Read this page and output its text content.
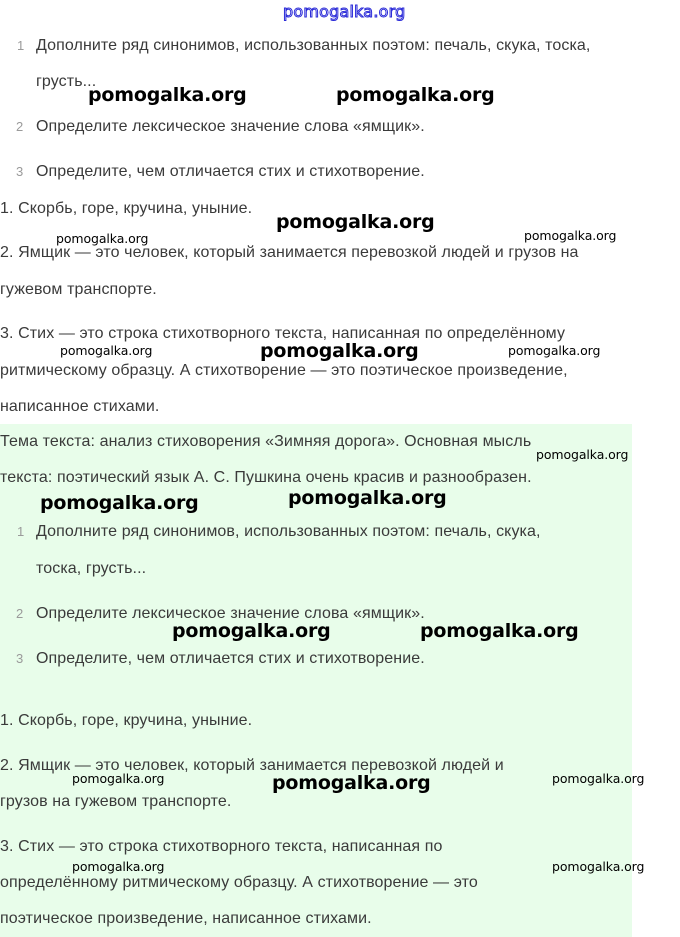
pomogalka.org
1 Дополните ряд синонимов, использованных поэтом: печаль, скука, тоска,
грусть...
2 Определите лексическое значение слова «ямщик».
3 Определите, чем отличается стих и стихотворение.
1. Скорбь, горе, кручина, уныние.
2. Ямщик — это человек, который занимается перевозкой людей и грузов на
гужевом транспорте.
3. Стих — это строка стихотворного текста, написанная по определённому
ритмическому образцу. А стихотворение — это поэтическое произведение,
написанное стихами.
Тема текста: анализ стиховорения «Зимняя дорога». Основная мысль
текста: поэтический язык А. С. Пушкина очень красив и разнообразен.
1 Дополните ряд синонимов, использованных поэтом: печаль, скука,
тоска, грусть...
2 Определите лексическое значение слова «ямщик».
3 Определите, чем отличается стих и стихотворение.
1. Скорбь, горе, кручина, уныние.
2. Ямщик — это человек, который занимается перевозкой людей и
грузов на гужевом транспорте.
3. Стих — это строка стихотворного текста, написанная по
определённому ритмическому образцу. А стихотворение — это
поэтическое произведение, написанное стихами.
pomogalka.org	pomogalka.org
pomogalka.org
pomogalka.org	pomogalka.org
pomogalka.org
pomogalka.org	pomogalka.org
pomogalka.org
pomogalka.org	pomogalka.org
pomogalka.org	pomogalka.org
pomogalka.org
pomogalka.org	pomogalka.org
pomogalka.org	pomogalka.org
